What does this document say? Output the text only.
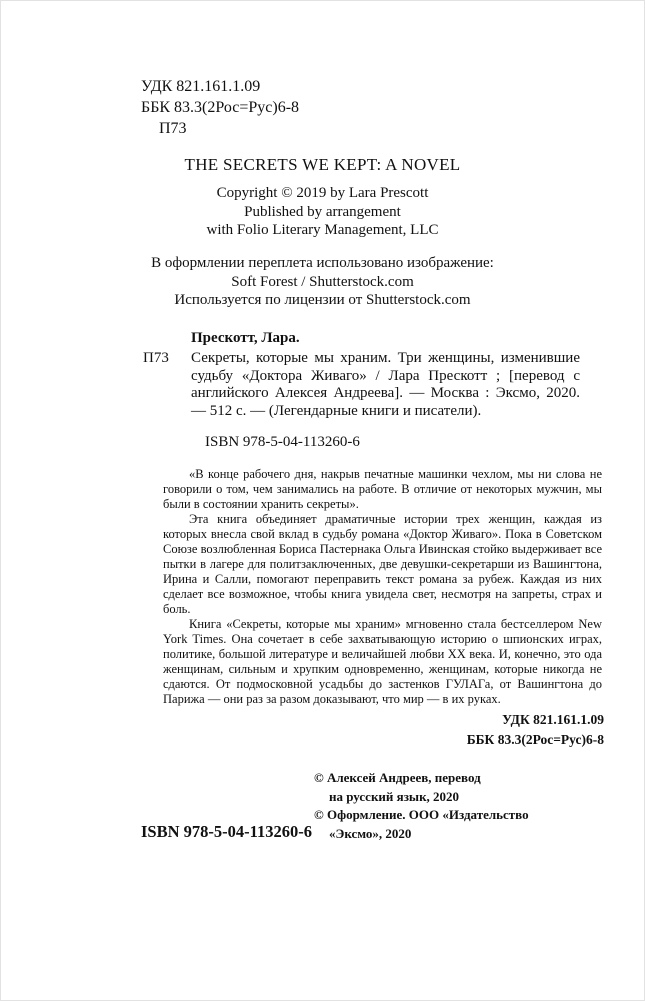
УДК 821.161.1.09
ББК 83.3(2Рос=Рус)6-8
П73
THE SECRETS WE KEPT: A NOVEL
Copyright © 2019 by Lara Prescott
Published by arrangement
with Folio Literary Management, LLC
В оформлении переплета использовано изображение:
Soft Forest / Shutterstock.com
Используется по лицензии от Shutterstock.com
Прескотт, Лара.
П73 Секреты, которые мы храним. Три женщины, изменившие судьбу «Доктора Живаго» / Лара Прескотт ; [перевод с английского Алексея Андреева]. — Москва : Эксмо, 2020. — 512 с. — (Легендарные книги и писатели).

ISBN 978-5-04-113260-6

«В конце рабочего дня, накрыв печатные машинки чехлом, мы ни слова не говорили о том, чем занимались на работе. В отличие от некоторых мужчин, мы были в состоянии хранить секреты».

Эта книга объединяет драматичные истории трех женщин, каждая из которых внесла свой вклад в судьбу романа «Доктор Живаго». Пока в Советском Союзе возлюбленная Бориса Пастернака Ольга Ивинская стойко выдерживает все пытки в лагере для политзаключенных, две девушки-секретарши из Вашингтона, Ирина и Салли, помогают переправить текст романа за рубеж. Каждая из них сделает все возможное, чтобы книга увидела свет, несмотря на запреты, страх и боль.

Книга «Секреты, которые мы храним» мгновенно стала бестселлером New York Times. Она сочетает в себе захватывающую историю о шпионских играх, политике, большой литературе и величайшей любви XX века. И, конечно, это ода женщинам, сильным и хрупким одновременно, женщинам, которые никогда не сдаются. От подмосковной усадьбы до застенков ГУЛАГа, от Вашингтона до Парижа — они раз за разом доказывают, что мир — в их руках.

УДК 821.161.1.09
ББК 83.3(2Рос=Рус)6-8
ISBN 978-5-04-113260-6
© Алексей Андреев, перевод
на русский язык, 2020
© Оформление. ООО «Издательство
«Эксмо», 2020
